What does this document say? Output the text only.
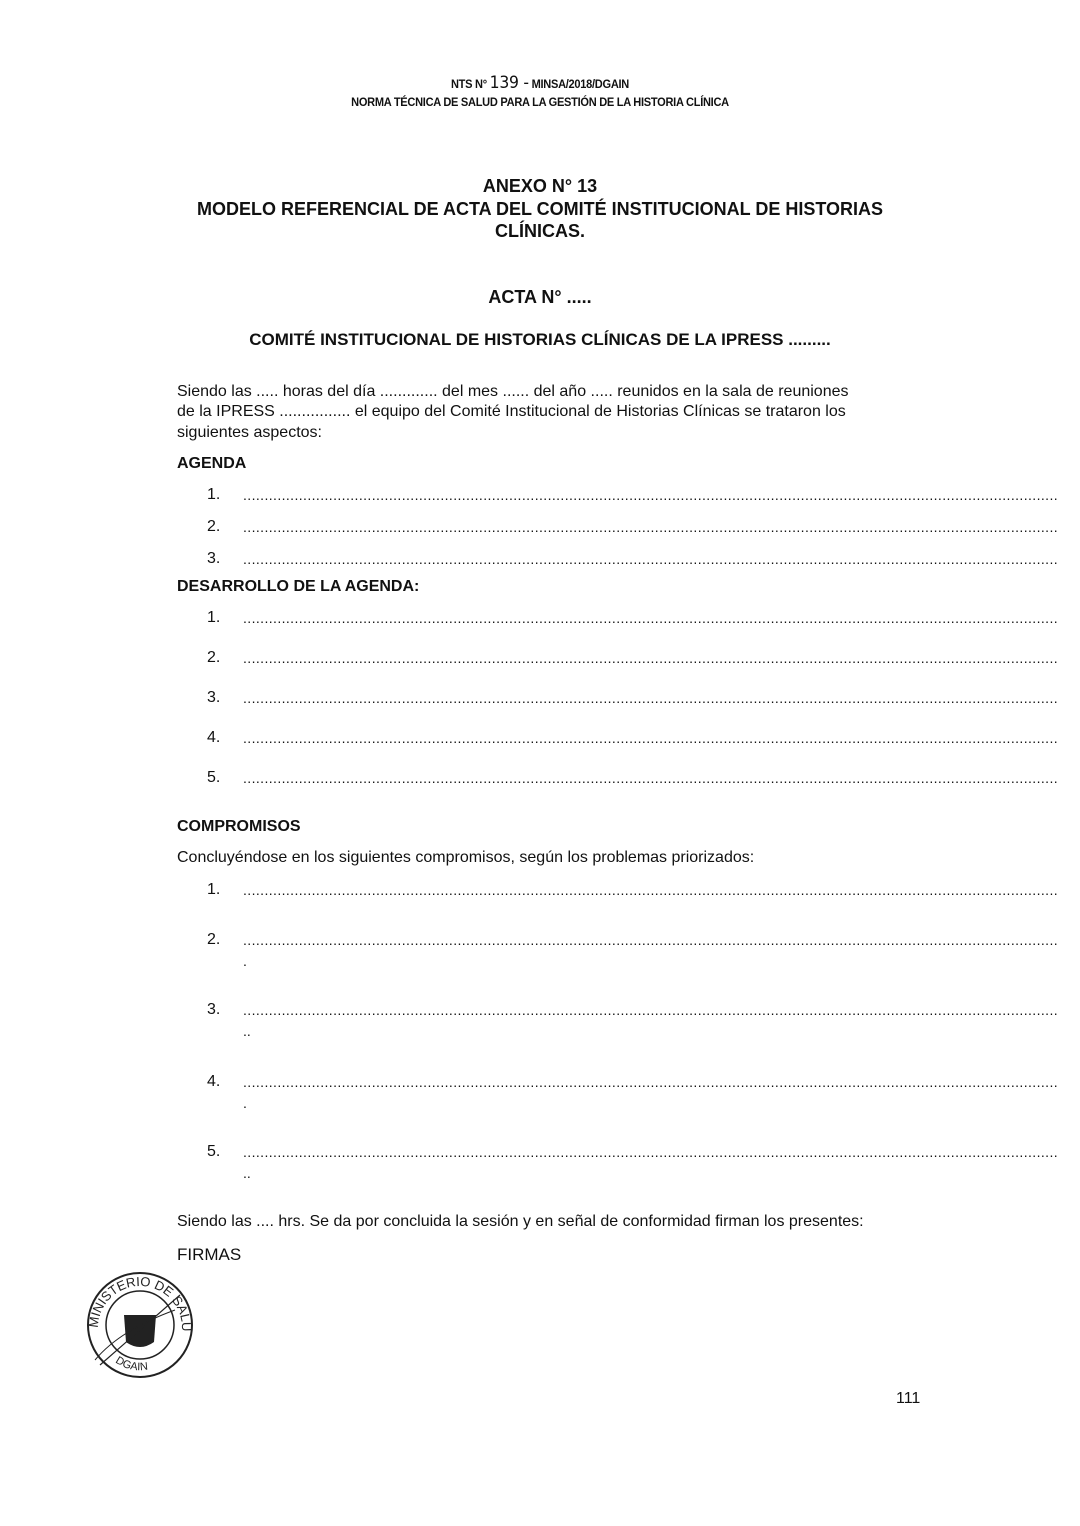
NTS N° 139 - MINSA/2018/DGAIN
NORMA TÉCNICA DE SALUD PARA LA GESTIÓN DE LA HISTORIA CLÍNICA
ANEXO N° 13
MODELO REFERENCIAL DE ACTA DEL COMITÉ INSTITUCIONAL DE HISTORIAS
CLÍNICAS.
ACTA N° .....
COMITÉ INSTITUCIONAL DE HISTORIAS CLÍNICAS DE LA IPRESS .........
Siendo las ..... horas del día ............. del mes ...... del año ..... reunidos en la sala de reuniones
de la IPRESS ................ el equipo del Comité Institucional de Historias Clínicas se trataron los
siguientes aspectos:
AGENDA
1. ..............................................................................................................................................................................................
2. ..............................................................................................................................................................................................
3. ..............................................................................................................................................................................................
DESARROLLO DE LA AGENDA:
1. ..............................................................................................................................................................................................
2. ..............................................................................................................................................................................................
3. ..............................................................................................................................................................................................
4. ..............................................................................................................................................................................................
5. ..............................................................................................................................................................................................
COMPROMISOS
Concluyéndose en los siguientes compromisos, según los problemas priorizados:
1. ..............................................................................................................................................................................................
2. ..............................................................................................................................................................................................
.
3. ..............................................................................................................................................................................................
..
4. ..............................................................................................................................................................................................
.
5. ..............................................................................................................................................................................................
..
Siendo las .... hrs. Se da por concluida la sesión y en señal de conformidad firman los presentes:
FIRMAS
MINISTERIO DE SALU
DGAIN
111
